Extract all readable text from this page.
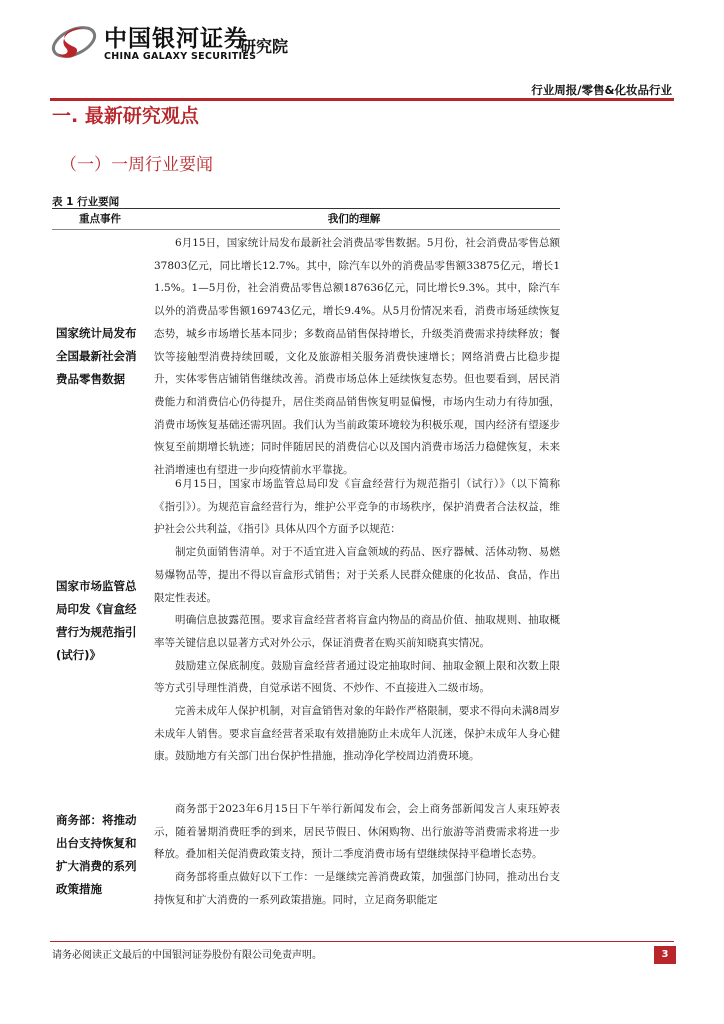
中国银河证券
CHINA GALAXY SECURITIES
研究院
行业周报/零售&化妆品行业
一. 最新研究观点
（一）一周行业要闻
表 1 行业要闻
重点事件	我们的理解
国家统计局发布全国最新社会消费品零售数据

6月15日，国家统计局发布最新社会消费品零售数据。5月份，社会消费品零售总额37803亿元，同比增长12.7%。其中，除汽车以外的消费品零售额33875亿元，增长11.5%。1—5月份，社会消费品零售总额187636亿元，同比增长9.3%。其中，除汽车以外的消费品零售额169743亿元，增长9.4%。从5月份情况来看，消费市场延续恢复态势，城乡市场增长基本同步；多数商品销售保持增长，升级类消费需求持续释放；餐饮等接触型消费持续回暖，文化及旅游相关服务消费快速增长；网络消费占比稳步提升，实体零售店铺销售继续改善。消费市场总体上延续恢复态势。但也要看到，居民消费能力和消费信心仍待提升，居住类商品销售恢复明显偏慢，市场内生动力有待加强，消费市场恢复基础还需巩固。我们认为当前政策环境较为积极乐观，国内经济有望逐步恢复至前期增长轨迹；同时伴随居民的消费信心以及国内消费市场活力稳健恢复，未来社消增速也有望进一步向疫情前水平靠拢。

国家市场监管总局印发《盲盒经营行为规范指引(试行)》

6月15日，国家市场监管总局印发《盲盒经营行为规范指引（试行）》（以下简称《指引》）。为规范盲盒经营行为，维护公平竞争的市场秩序，保护消费者合法权益，维护社会公共利益，《指引》具体从四个方面予以规范：

制定负面销售清单。对于不适宜进入盲盒领域的药品、医疗器械、活体动物、易燃易爆物品等，提出不得以盲盒形式销售；对于关系人民群众健康的化妆品、食品，作出限定性表述。

明确信息披露范围。要求盲盒经营者将盲盒内物品的商品价值、抽取规则、抽取概率等关键信息以显著方式对外公示，保证消费者在购买前知晓真实情况。

鼓励建立保底制度。鼓励盲盒经营者通过设定抽取时间、抽取金额上限和次数上限等方式引导理性消费，自觉承诺不囤货、不炒作、不直接进入二级市场。

完善未成年人保护机制，对盲盒销售对象的年龄作严格限制，要求不得向未满8周岁未成年人销售。要求盲盒经营者采取有效措施防止未成年人沉迷，保护未成年人身心健康。鼓励地方有关部门出台保护性措施，推动净化学校周边消费环境。

商务部：将推动出台支持恢复和扩大消费的系列政策措施

商务部于2023年6月15日下午举行新闻发布会，会上商务部新闻发言人束珏婷表示，随着暑期消费旺季的到来，居民节假日、休闲购物、出行旅游等消费需求将进一步释放。叠加相关促消费政策支持，预计二季度消费市场有望继续保持平稳增长态势。

商务部将重点做好以下工作：一是继续完善消费政策，加强部门协同，推动出台支持恢复和扩大消费的一系列政策措施。同时，立足商务职能定

请务必阅读正文最后的中国银河证券股份有限公司免责声明。	3
